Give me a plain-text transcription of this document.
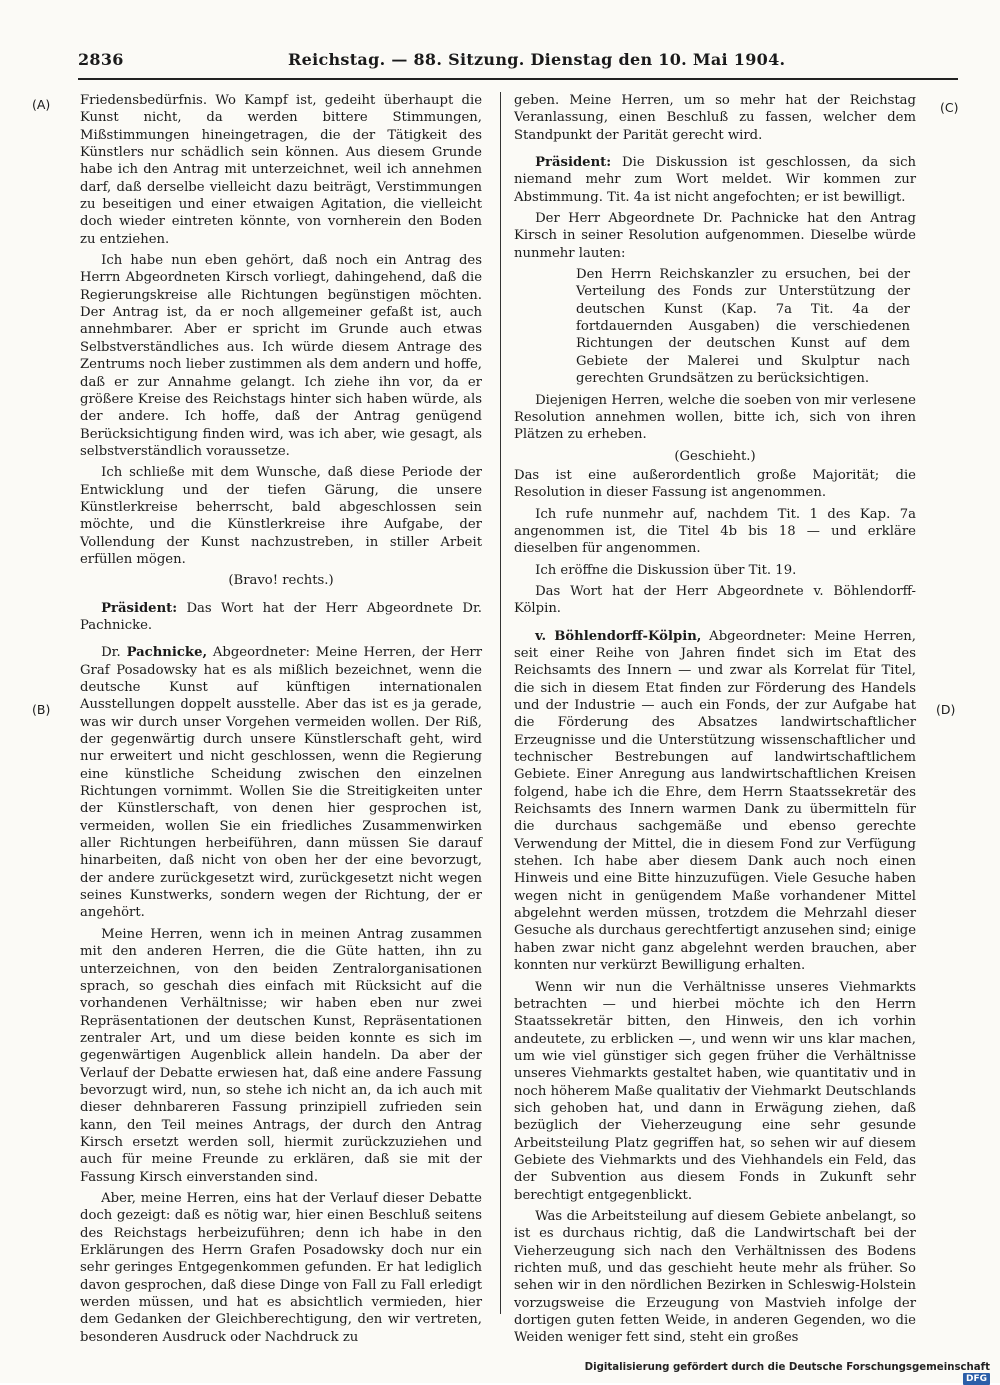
2836	Reichstag. — 88. Sitzung. Dienstag den 10. Mai 1904.
(A)
(B)
(C)
(D)

Friedensbedürfnis. Wo Kampf ist, gedeiht überhaupt die Kunst nicht, da werden bittere Stimmungen, Mißstimmungen hineingetragen, die der Tätigkeit des Künstlers nur schädlich sein können. Aus diesem Grunde habe ich den Antrag mit unterzeichnet, weil ich annehmen darf, daß derselbe vielleicht dazu beiträgt, Verstimmungen zu beseitigen und einer etwaigen Agitation, die vielleicht doch wieder eintreten könnte, von vornherein den Boden zu entziehen.

Ich habe nun eben gehört, daß noch ein Antrag des Herrn Abgeordneten Kirsch vorliegt, dahingehend, daß die Regierungskreise alle Richtungen begünstigen möchten. Der Antrag ist, da er noch allgemeiner gefaßt ist, auch annehmbarer. Aber er spricht im Grunde auch etwas Selbstverständliches aus. Ich würde diesem Antrage des Zentrums noch lieber zustimmen als dem andern und hoffe, daß er zur Annahme gelangt. Ich ziehe ihn vor, da er größere Kreise des Reichstags hinter sich haben würde, als der andere. Ich hoffe, daß der Antrag genügend Berücksichtigung finden wird, was ich aber, wie gesagt, als selbstverständlich voraussetze.

Ich schließe mit dem Wunsche, daß diese Periode der Entwicklung und der tiefen Gärung, die unsere Künstlerkreise beherrscht, bald abgeschlossen sein möchte, und die Künstlerkreise ihre Aufgabe, der Vollendung der Kunst nachzustreben, in stiller Arbeit erfüllen mögen.

(Bravo! rechts.)

Präsident: Das Wort hat der Herr Abgeordnete Dr. Pachnicke.

Dr. Pachnicke, Abgeordneter: Meine Herren, der Herr Graf Posadowsky hat es als mißlich bezeichnet, wenn die deutsche Kunst auf künftigen internationalen Ausstellungen doppelt ausstelle. Aber das ist es ja gerade, was wir durch unser Vorgehen vermeiden wollen. Der Riß, der gegenwärtig durch unsere Künstlerschaft geht, wird nur erweitert und nicht geschlossen, wenn die Regierung eine künstliche Scheidung zwischen den einzelnen Richtungen vornimmt. Wollen Sie die Streitigkeiten unter der Künstlerschaft, von denen hier gesprochen ist, vermeiden, wollen Sie ein friedliches Zusammenwirken aller Richtungen herbeiführen, dann müssen Sie darauf hinarbeiten, daß nicht von oben her der eine bevorzugt, der andere zurückgesetzt wird, zurückgesetzt nicht wegen seines Kunstwerks, sondern wegen der Richtung, der er angehört.

Meine Herren, wenn ich in meinen Antrag zusammen mit den anderen Herren, die die Güte hatten, ihn zu unterzeichnen, von den beiden Zentralorganisationen sprach, so geschah dies einfach mit Rücksicht auf die vorhandenen Verhältnisse; wir haben eben nur zwei Repräsentationen der deutschen Kunst, Repräsentationen zentraler Art, und um diese beiden konnte es sich im gegenwärtigen Augenblick allein handeln. Da aber der Verlauf der Debatte erwiesen hat, daß eine andere Fassung bevorzugt wird, nun, so stehe ich nicht an, da ich auch mit dieser dehnbareren Fassung prinzipiell zufrieden sein kann, den Teil meines Antrags, der durch den Antrag Kirsch ersetzt werden soll, hiermit zurückzuziehen und auch für meine Freunde zu erklären, daß sie mit der Fassung Kirsch einverstanden sind.

Aber, meine Herren, eins hat der Verlauf dieser Debatte doch gezeigt: daß es nötig war, hier einen Beschluß seitens des Reichstags herbeizuführen; denn ich habe in den Erklärungen des Herrn Grafen Posadowsky doch nur ein sehr geringes Entgegenkommen gefunden. Er hat lediglich davon gesprochen, daß diese Dinge von Fall zu Fall erledigt werden müssen, und hat es absichtlich vermieden, hier dem Gedanken der Gleichberechtigung, den wir vertreten, besonderen Ausdruck oder Nachdruck zu

geben. Meine Herren, um so mehr hat der Reichstag Veranlassung, einen Beschluß zu fassen, welcher dem Standpunkt der Parität gerecht wird.

Präsident: Die Diskussion ist geschlossen, da sich niemand mehr zum Wort meldet. Wir kommen zur Abstimmung. Tit. 4a ist nicht angefochten; er ist bewilligt.

Der Herr Abgeordnete Dr. Pachnicke hat den Antrag Kirsch in seiner Resolution aufgenommen. Dieselbe würde nunmehr lauten:

Den Herrn Reichskanzler zu ersuchen, bei der Verteilung des Fonds zur Unterstützung der deutschen Kunst (Kap. 7a Tit. 4a der fortdauernden Ausgaben) die verschiedenen Richtungen der deutschen Kunst auf dem Gebiete der Malerei und Skulptur nach gerechten Grundsätzen zu berücksichtigen.

Diejenigen Herren, welche die soeben von mir verlesene Resolution annehmen wollen, bitte ich, sich von ihren Plätzen zu erheben.

(Geschieht.)

Das ist eine außerordentlich große Majorität; die Resolution in dieser Fassung ist angenommen.

Ich rufe nunmehr auf, nachdem Tit. 1 des Kap. 7a angenommen ist, die Titel 4b bis 18 — und erkläre dieselben für angenommen.

Ich eröffne die Diskussion über Tit. 19.

Das Wort hat der Herr Abgeordnete v. Böhlendorff-Kölpin.

v. Böhlendorff-Kölpin, Abgeordneter: Meine Herren, seit einer Reihe von Jahren findet sich im Etat des Reichsamts des Innern — und zwar als Korrelat für Titel, die sich in diesem Etat finden zur Förderung des Handels und der Industrie — auch ein Fonds, der zur Aufgabe hat die Förderung des Absatzes landwirtschaftlicher Erzeugnisse und die Unterstützung wissenschaftlicher und technischer Bestrebungen auf landwirtschaftlichem Gebiete. Einer Anregung aus landwirtschaftlichen Kreisen folgend, habe ich die Ehre, dem Herrn Staatssekretär des Reichsamts des Innern warmen Dank zu übermitteln für die durchaus sachgemäße und ebenso gerechte Verwendung der Mittel, die in diesem Fond zur Verfügung stehen. Ich habe aber diesem Dank auch noch einen Hinweis und eine Bitte hinzuzufügen. Viele Gesuche haben wegen nicht in genügendem Maße vorhandener Mittel abgelehnt werden müssen, trotzdem die Mehrzahl dieser Gesuche als durchaus gerechtfertigt anzusehen sind; einige haben zwar nicht ganz abgelehnt werden brauchen, aber konnten nur verkürzt Bewilligung erhalten.

Wenn wir nun die Verhältnisse unseres Viehmarkts betrachten — und hierbei möchte ich den Herrn Staatssekretär bitten, den Hinweis, den ich vorhin andeutete, zu erblicken —, und wenn wir uns klar machen, um wie viel günstiger sich gegen früher die Verhältnisse unseres Viehmarkts gestaltet haben, wie quantitativ und in noch höherem Maße qualitativ der Viehmarkt Deutschlands sich gehoben hat, und dann in Erwägung ziehen, daß bezüglich der Vieherzeugung eine sehr gesunde Arbeitsteilung Platz gegriffen hat, so sehen wir auf diesem Gebiete des Viehmarkts und des Viehhandels ein Feld, das der Subvention aus diesem Fonds in Zukunft sehr berechtigt entgegenblickt.

Was die Arbeitsteilung auf diesem Gebiete anbelangt, so ist es durchaus richtig, daß die Landwirtschaft bei der Vieherzeugung sich nach den Verhältnissen des Bodens richten muß, und das geschieht heute mehr als früher. So sehen wir in den nördlichen Bezirken in Schleswig-Holstein vorzugsweise die Erzeugung von Mastvieh infolge der dortigen guten fetten Weide, in anderen Gegenden, wo die Weiden weniger fett sind, steht ein großes

Digitalisierung gefördert durch die Deutsche Forschungsgemeinschaft DFG
